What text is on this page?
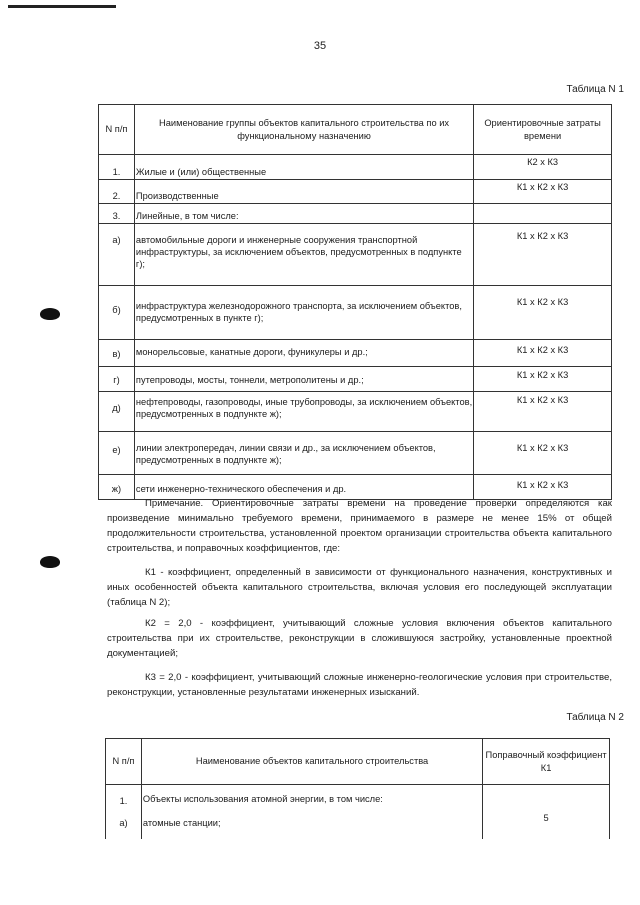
35
Таблица N 1
N п/п	Наименование группы объектов капитального строительства по их функциональному назначению	Ориентировочные затраты времени
1.	Жилые и (или) общественные	К2 х К3
2.	Производственные	К1 х К2 х К3
3.	Линейные, в том числе:	
а)	автомобильные дороги и инженерные сооружения транспортной инфраструктуры, за исключением объектов, предусмотренных в подпункте г);	К1 х К2 х К3
б)	инфраструктура железнодорожного транспорта, за исключением объектов, предусмотренных в пункте г);	К1 х К2 х К3
в)	монорельсовые, канатные дороги, фуникулеры и др.;	К1 х К2 х К3
г)	путепроводы, мосты, тоннели, метрополитены и др.;	К1 х К2 х К3
д)	нефтепроводы, газопроводы, иные трубопроводы, за исключением объектов, предусмотренных в подпункте ж);	К1 х К2 х К3
е)	линии электропередач, линии связи и др., за исключением объектов, предусмотренных в подпункте ж);	К1 х К2 х К3
ж)	сети инженерно-технического обеспечения и др.	К1 х К2 х К3

Примечание. Ориентировочные затраты времени на проведение проверки определяются как произведение минимально требуемого времени, принимаемого в размере не менее 15% от общей продолжительности строительства, установленной проектом организации строительства объекта капитального строительства, и поправочных коэффициентов, где:

К1 - коэффициент, определенный в зависимости от функционального назначения, конструктивных и иных особенностей объекта капитального строительства, включая условия его последующей эксплуатации (таблица N 2);

К2 = 2,0 - коэффициент, учитывающий сложные условия включения объектов капитального строительства при их строительстве, реконструкции в сложившуюся застройку, установленные проектной документацией;

К3 = 2,0 - коэффициент, учитывающий сложные инженерно-геологические условия при строительстве, реконструкции, установленные результатами инженерных изысканий.

Таблица N 2
N п/п	Наименование объектов капитального строительства	Поправочный коэффициент К1
1.	Объекты использования атомной энергии, в том числе:	5
а)	атомные станции;	
